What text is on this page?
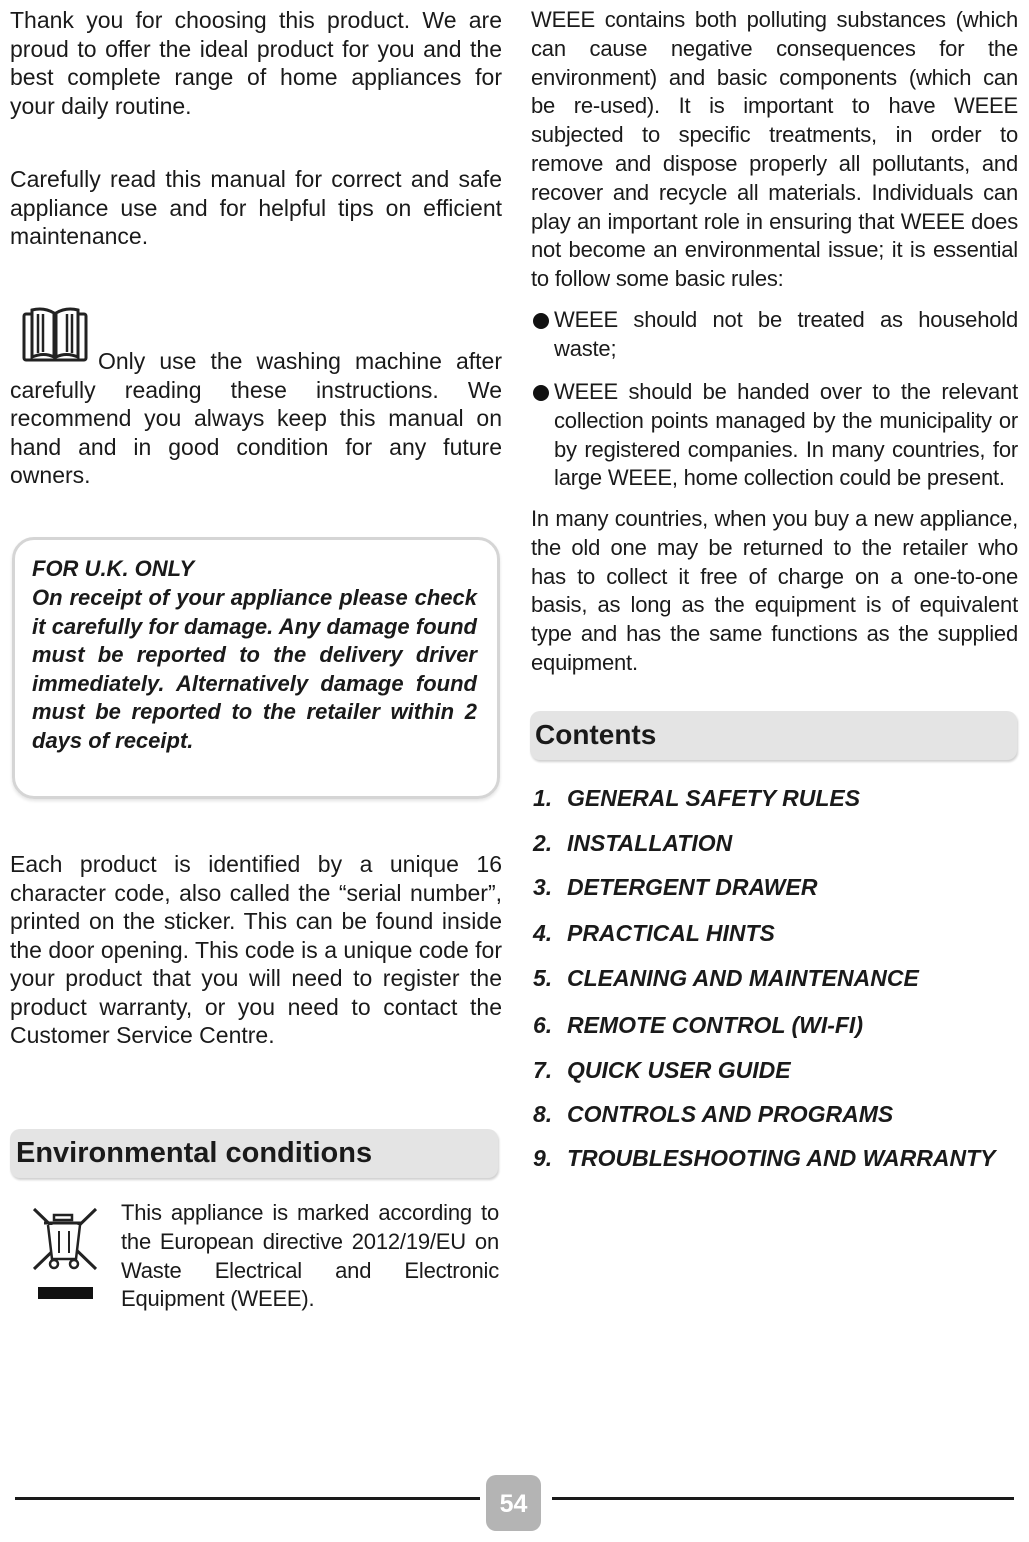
Thank you for choosing this product. We are proud to offer the ideal product for you and the best complete range of home appliances for your daily routine.

Carefully read this manual for correct and safe appliance use and for helpful tips on efficient maintenance.

Only use the washing machine after carefully reading these instructions. We recommend you always keep this manual on hand and in good condition for any future owners.

FOR U.K. ONLY

On receipt of your appliance please check it carefully for damage. Any damage found must be reported to the delivery driver immediately. Alternatively damage found must be reported to the retailer within 2 days of receipt.

Each product is identified by a unique 16 character code, also called the “serial number”, printed on the sticker. This can be found inside the door opening. This code is a unique code for your product that you will need to register the product warranty, or you need to contact the Customer Service Centre.

Environmental conditions

This appliance is marked according to the European directive 2012/19/EU on Waste Electrical and Electronic Equipment (WEEE).

WEEE contains both polluting substances (which can cause negative consequences for the environment) and basic components (which can be re-used). It is important to have WEEE subjected to specific treatments, in order to remove and dispose properly all pollutants, and recover and recycle all materials. Individuals can play an important role in ensuring that WEEE does not become an environmental issue; it is essential to follow some basic rules:

WEEE should not be treated as household waste;

WEEE should be handed over to the relevant collection points managed by the municipality or by registered companies. In many countries, for large WEEE, home collection could be present.

In many countries, when you buy a new appliance, the old one may be returned to the retailer who has to collect it free of charge on a one-to-one basis, as long as the equipment is of equivalent type and has the same functions as the supplied equipment.

Contents
1. GENERAL SAFETY RULES
2. INSTALLATION
3. DETERGENT DRAWER
4. PRACTICAL HINTS
5. CLEANING AND MAINTENANCE
6. REMOTE CONTROL (WI-FI)
7. QUICK USER GUIDE
8. CONTROLS AND PROGRAMS
9. TROUBLESHOOTING AND WARRANTY
54
